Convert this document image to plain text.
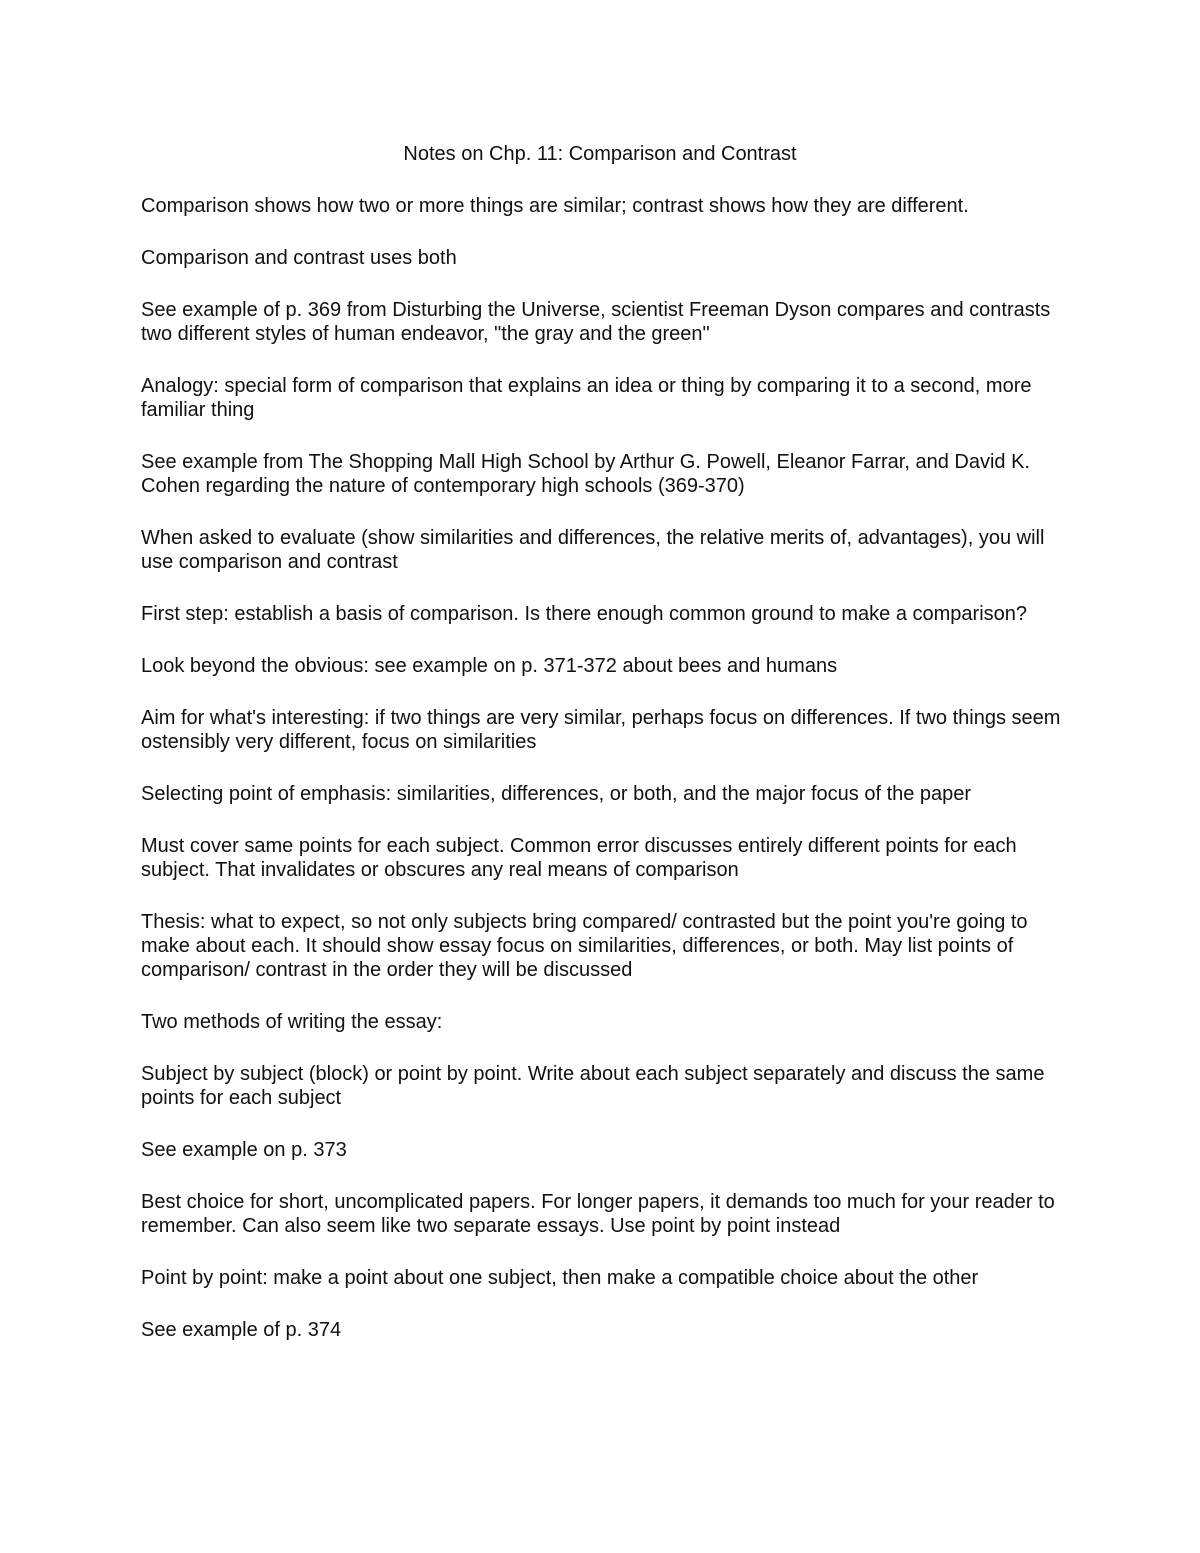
Notes on Chp. 11: Comparison and Contrast

Comparison shows how two or more things are similar; contrast shows how they are different.

Comparison and contrast uses both

See example of p. 369 from Disturbing the Universe, scientist Freeman Dyson compares and contrasts two different styles of human endeavor, "the gray and the green"

Analogy: special form of comparison that explains an idea or thing by comparing it to a second, more familiar thing

See example from The Shopping Mall High School by Arthur G. Powell, Eleanor Farrar, and David K. Cohen regarding the nature of contemporary high schools (369-370)

When asked to evaluate (show similarities and differences, the relative merits of, advantages), you will use comparison and contrast

First step: establish a basis of comparison. Is there enough common ground to make a comparison?

Look beyond the obvious: see example on p. 371-372 about bees and humans

Aim for what's interesting: if two things are very similar, perhaps focus on differences. If two things seem ostensibly very different, focus on similarities

Selecting point of emphasis: similarities, differences, or both, and the major focus of the paper

Must cover same points for each subject. Common error discusses entirely different points for each subject. That invalidates or obscures any real means of comparison

Thesis: what to expect, so not only subjects bring compared/ contrasted but the point you're going to make about each. It should show essay focus on similarities, differences, or both. May list points of comparison/ contrast in the order they will be discussed

Two methods of writing the essay:

Subject by subject (block) or point by point. Write about each subject separately and discuss the same points for each subject

See example on p. 373

Best choice for short, uncomplicated papers. For longer papers, it demands too much for your reader to remember. Can also seem like two separate essays. Use point by point instead

Point by point: make a point about one subject, then make a compatible choice about the other

See example of p. 374
